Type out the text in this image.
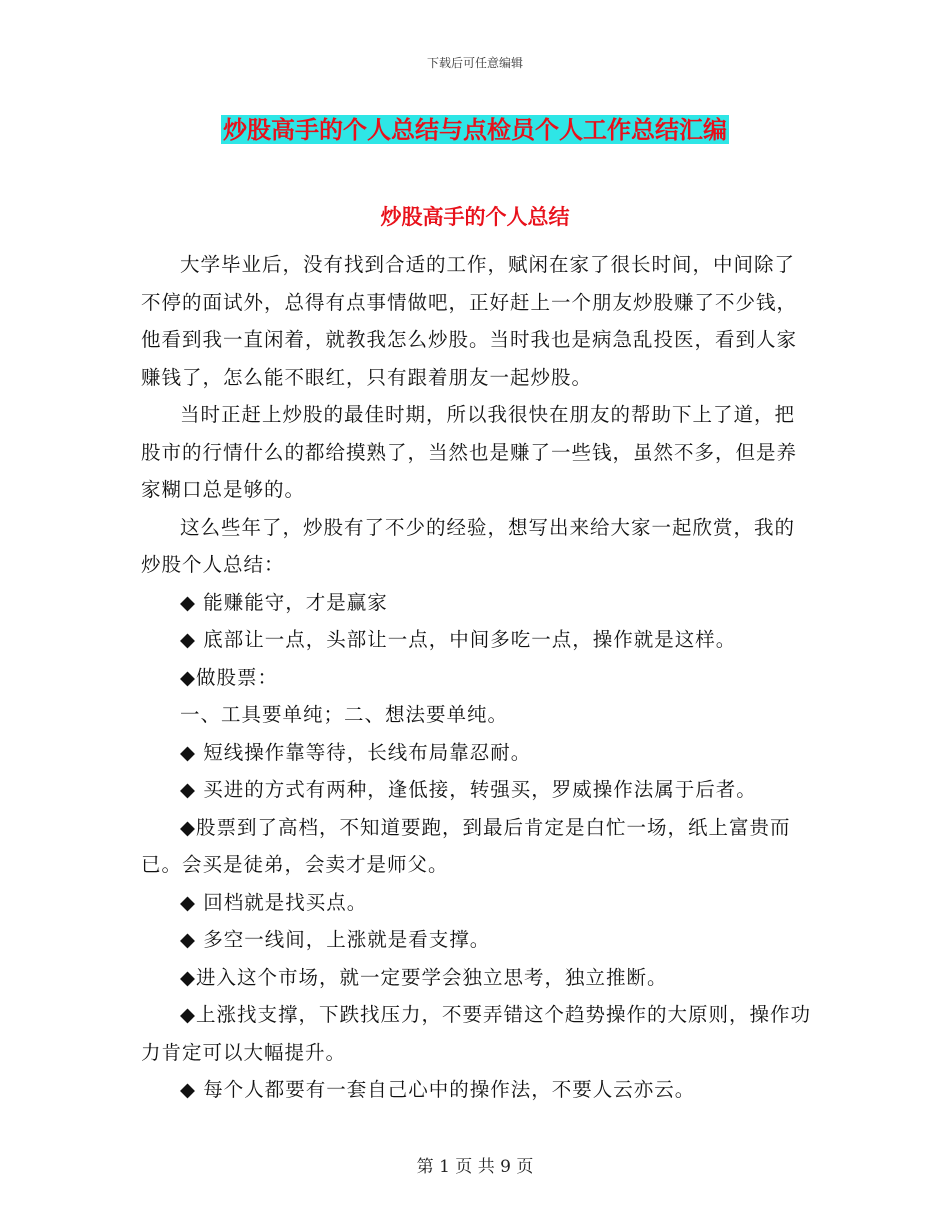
下载后可任意编辑
炒股高手的个人总结与点检员个人工作总结汇编
炒股高手的个人总结

大学毕业后，没有找到合适的工作，赋闲在家了很长时间，中间除了不停的面试外，总得有点事情做吧，正好赶上一个朋友炒股赚了不少钱，他看到我一直闲着，就教我怎么炒股。当时我也是病急乱投医，看到人家赚钱了，怎么能不眼红，只有跟着朋友一起炒股。

当时正赶上炒股的最佳时期，所以我很快在朋友的帮助下上了道，把股市的行情什么的都给摸熟了，当然也是赚了一些钱，虽然不多，但是养家糊口总是够的。

这么些年了，炒股有了不少的经验，想写出来给大家一起欣赏，我的炒股个人总结：

◆ 能赚能守，才是赢家

◆ 底部让一点，头部让一点，中间多吃一点，操作就是这样。

◆做股票：

一、工具要单纯；二、想法要单纯。

◆ 短线操作靠等待，长线布局靠忍耐。

◆ 买进的方式有两种，逢低接，转强买，罗威操作法属于后者。

◆股票到了高档，不知道要跑，到最后肯定是白忙一场，纸上富贵而已。会买是徒弟，会卖才是师父。

◆ 回档就是找买点。

◆ 多空一线间，上涨就是看支撑。

◆进入这个市场，就一定要学会独立思考，独立推断。

◆上涨找支撑，下跌找压力，不要弄错这个趋势操作的大原则，操作功力肯定可以大幅提升。

◆ 每个人都要有一套自己心中的操作法，不要人云亦云。

第 1 页 共 9 页
